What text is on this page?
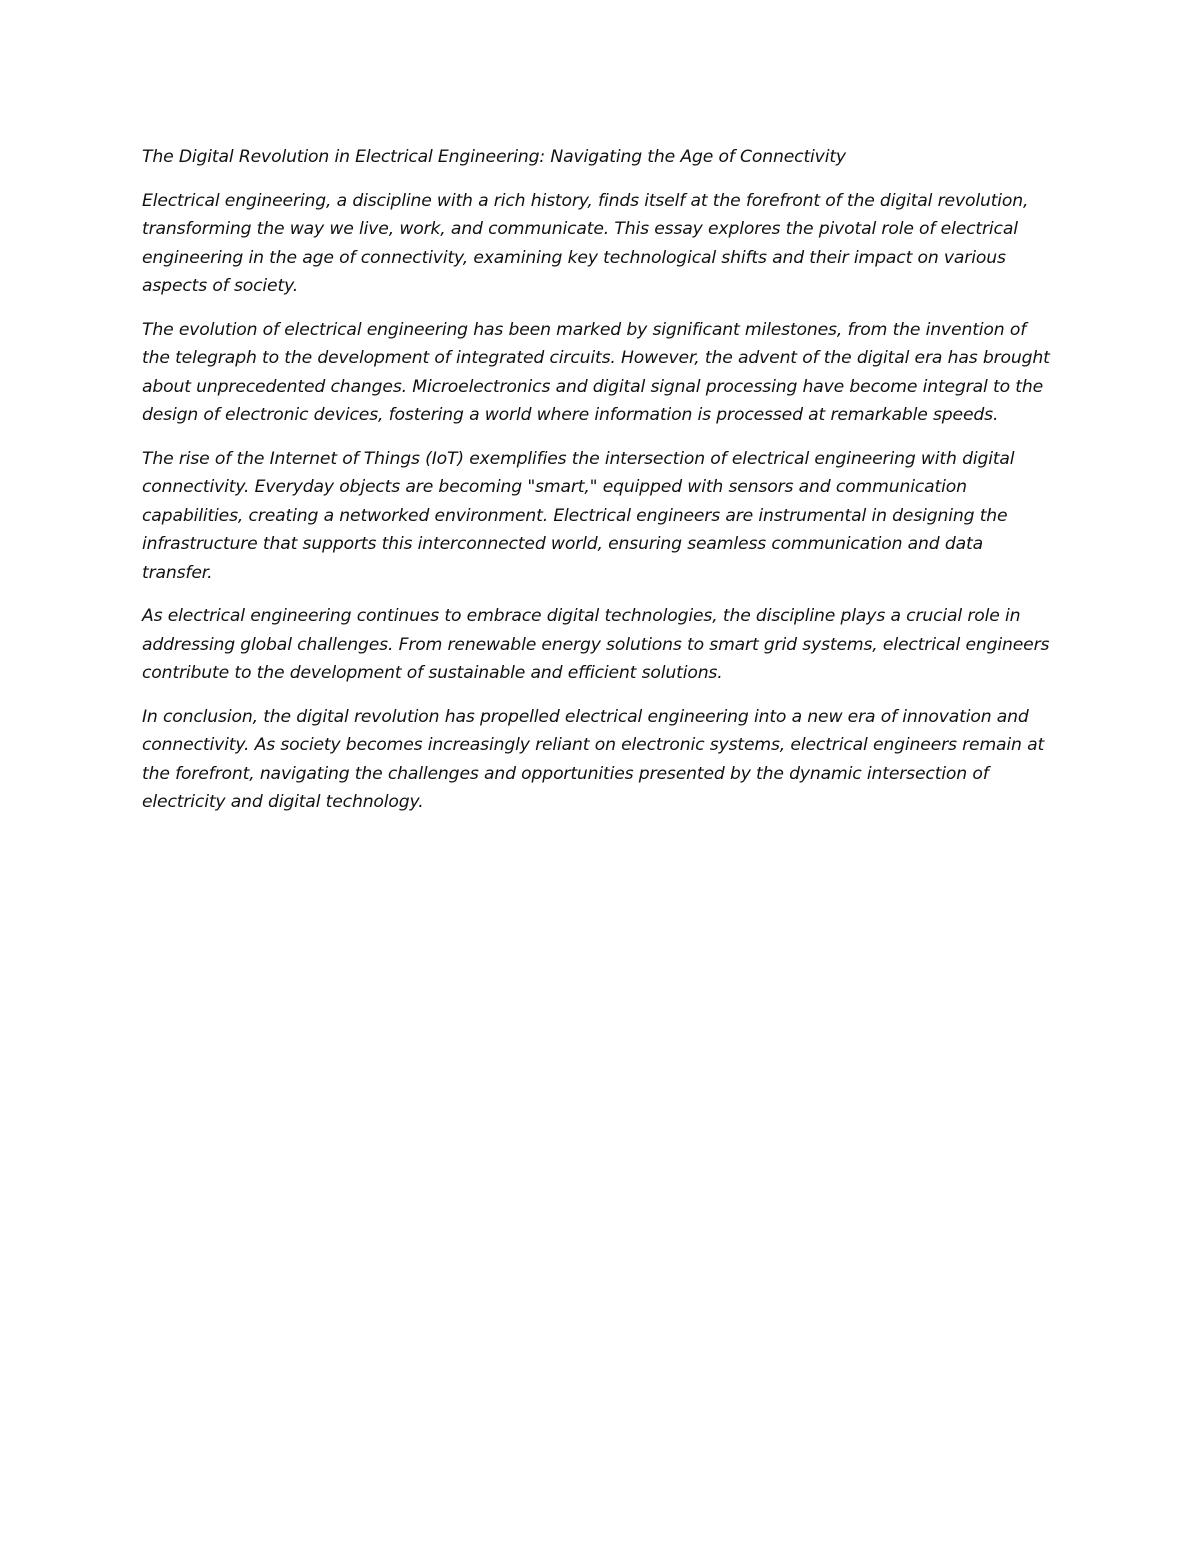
The Digital Revolution in Electrical Engineering: Navigating the Age of Connectivity

Electrical engineering, a discipline with a rich history, finds itself at the forefront of the digital revolution, transforming the way we live, work, and communicate. This essay explores the pivotal role of electrical engineering in the age of connectivity, examining key technological shifts and their impact on various aspects of society.

The evolution of electrical engineering has been marked by significant milestones, from the invention of the telegraph to the development of integrated circuits. However, the advent of the digital era has brought about unprecedented changes. Microelectronics and digital signal processing have become integral to the design of electronic devices, fostering a world where information is processed at remarkable speeds.

The rise of the Internet of Things (IoT) exemplifies the intersection of electrical engineering with digital connectivity. Everyday objects are becoming "smart," equipped with sensors and communication capabilities, creating a networked environment. Electrical engineers are instrumental in designing the infrastructure that supports this interconnected world, ensuring seamless communication and data transfer.

As electrical engineering continues to embrace digital technologies, the discipline plays a crucial role in addressing global challenges. From renewable energy solutions to smart grid systems, electrical engineers contribute to the development of sustainable and efficient solutions.

In conclusion, the digital revolution has propelled electrical engineering into a new era of innovation and connectivity. As society becomes increasingly reliant on electronic systems, electrical engineers remain at the forefront, navigating the challenges and opportunities presented by the dynamic intersection of electricity and digital technology.
